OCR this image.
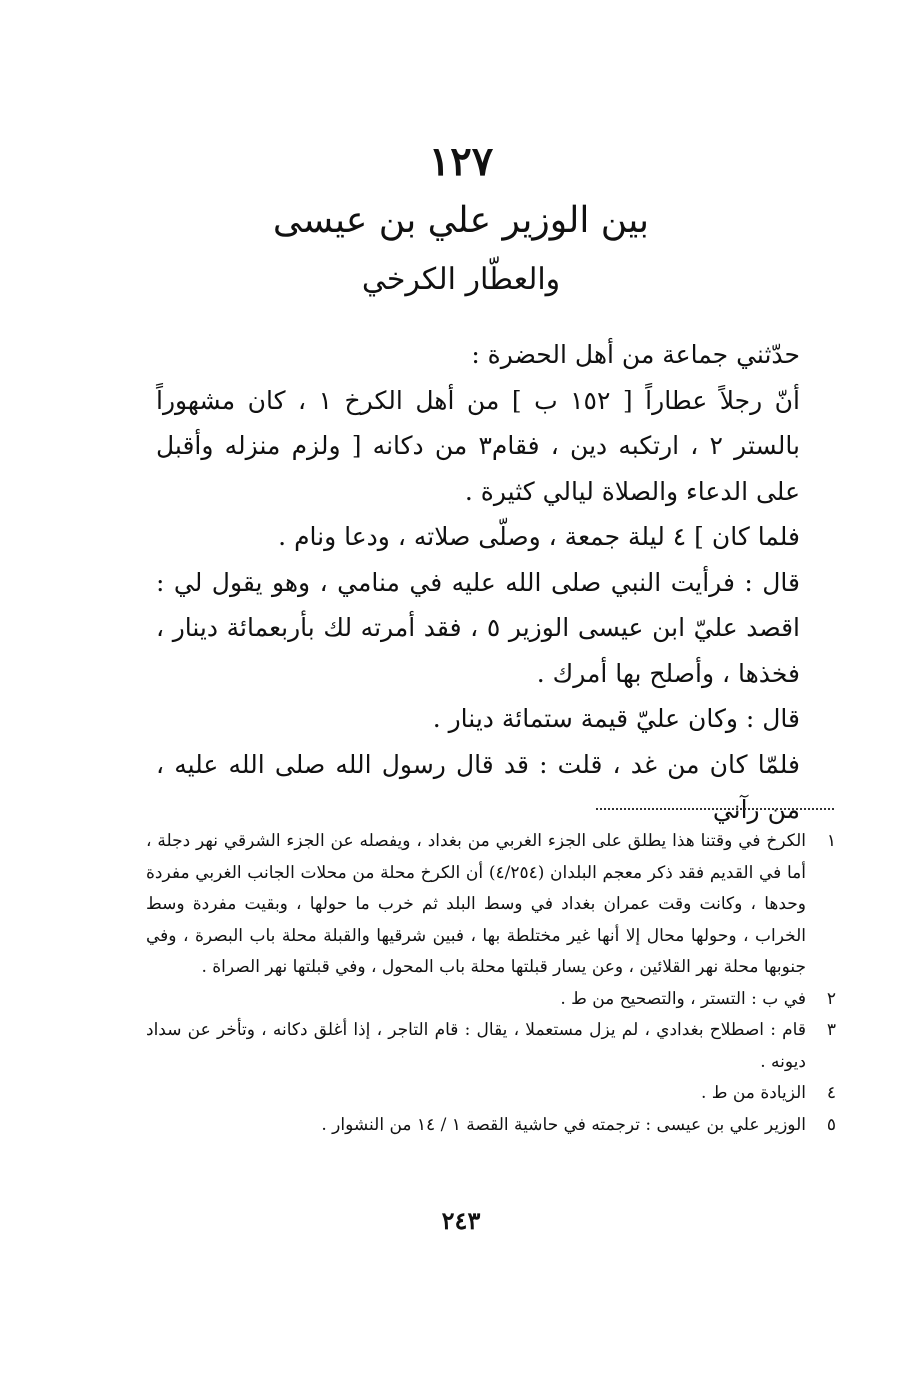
١٢٧
بين الوزير علي بن عيسى
والعطّار الكرخي

حدّثني جماعة من أهل الحضرة :

أنّ رجلاً عطاراً [ ١٥٢ ب ] من أهل الكرخ ١ ، كان مشهوراً بالستر ٢ ، ارتكبه دين ، فقام٣ من دكانه [ ولزم منزله وأقبل على الدعاء والصلاة ليالي كثيرة .

فلما كان ] ٤ ليلة جمعة ، وصلّى صلاته ، ودعا ونام .

قال : فرأيت النبي صلى الله عليه في منامي ، وهو يقول لي : اقصد عليّ ابن عيسى الوزير ٥ ، فقد أمرته لك بأربعمائة دينار ، فخذها ، وأصلح بها أمرك .

قال : وكان عليّ قيمة ستمائة دينار .

فلمّا كان من غد ، قلت : قد قال رسول الله صلى الله عليه ، من رآني

١
الكرخ في وقتنا هذا يطلق على الجزء الغربي من بغداد ، ويفصله عن الجزء الشرقي نهر دجلة ، أما في القديم فقد ذكر معجم البلدان (٤/٢٥٤) أن الكرخ محلة من محلات الجانب الغربي مفردة وحدها ، وكانت وقت عمران بغداد في وسط البلد ثم خرب ما حولها ، وبقيت مفردة وسط الخراب ، وحولها محال إلا أنها غير مختلطة بها ، فبين شرقيها والقبلة محلة باب البصرة ، وفي جنوبها محلة نهر القلائين ، وعن يسار قبلتها محلة باب المحول ، وفي قبلتها نهر الصراة .

٢
في ب : التستر ، والتصحيح من ط .

٣
قام : اصطلاح بغدادي ، لم يزل مستعملا ، يقال : قام التاجر ، إذا أغلق دكانه ، وتأخر عن سداد ديونه .

٤
الزيادة من ط .

٥
الوزير علي بن عيسى : ترجمته في حاشية القصة ١ / ١٤ من النشوار .

٢٤٣
